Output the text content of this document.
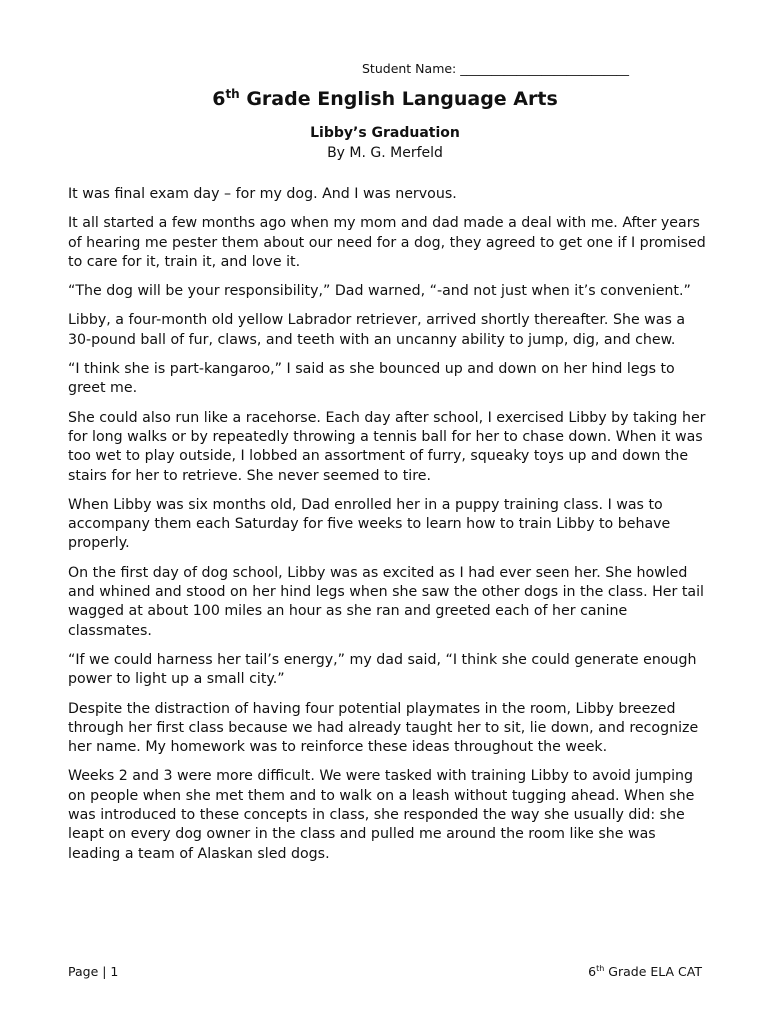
Student Name: ___________________________
6th Grade English Language Arts
Libby’s Graduation
By M. G. Merfeld

It was final exam day – for my dog. And I was nervous.

It all started a few months ago when my mom and dad made a deal with me. After years of hearing me pester them about our need for a dog, they agreed to get one if I promised to care for it, train it, and love it.

“The dog will be your responsibility,” Dad warned, “-and not just when it’s convenient.”

Libby, a four-month old yellow Labrador retriever, arrived shortly thereafter. She was a 30-pound ball of fur, claws, and teeth with an uncanny ability to jump, dig, and chew.

“I think she is part-kangaroo,” I said as she bounced up and down on her hind legs to greet me.

She could also run like a racehorse. Each day after school, I exercised Libby by taking her for long walks or by repeatedly throwing a tennis ball for her to chase down. When it was too wet to play outside, I lobbed an assortment of furry, squeaky toys up and down the stairs for her to retrieve. She never seemed to tire.

When Libby was six months old, Dad enrolled her in a puppy training class. I was to accompany them each Saturday for five weeks to learn how to train Libby to behave properly.

On the first day of dog school, Libby was as excited as I had ever seen her. She howled and whined and stood on her hind legs when she saw the other dogs in the class. Her tail wagged at about 100 miles an hour as she ran and greeted each of her canine classmates.

“If we could harness her tail’s energy,” my dad said, “I think she could generate enough power to light up a small city.”

Despite the distraction of having four potential playmates in the room, Libby breezed through her first class because we had already taught her to sit, lie down, and recognize her name. My homework was to reinforce these ideas throughout the week.

Weeks 2 and 3 were more difficult. We were tasked with training Libby to avoid jumping on people when she met them and to walk on a leash without tugging ahead. When she was introduced to these concepts in class, she responded the way she usually did: she leapt on every dog owner in the class and pulled me around the room like she was leading a team of Alaskan sled dogs.

Page | 1	6th Grade ELA CAT
